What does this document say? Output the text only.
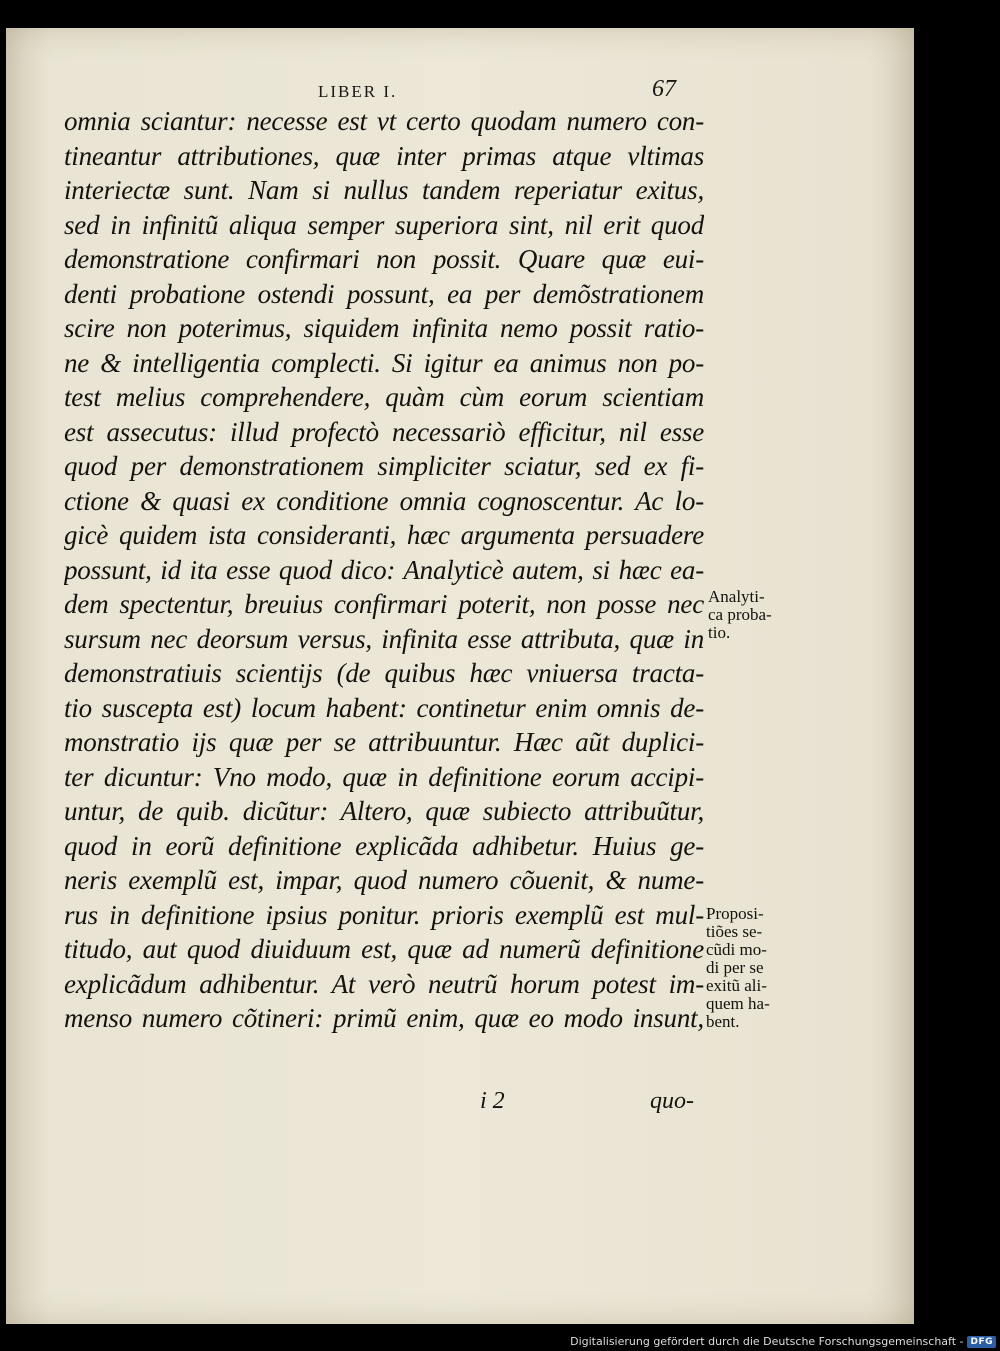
LIBER I.	67
omnia sciantur: necesse est vt certo quodam numero con-
tineantur attributiones, quæ inter primas atque vltimas
interiectæ sunt. Nam si nullus tandem reperiatur exitus,
sed in infinitũ aliqua semper superiora sint, nil erit quod
demonstratione confirmari non possit. Quare quæ eui-
denti probatione ostendi possunt, ea per demõstrationem
scire non poterimus, siquidem infinita nemo possit ratio-
ne & intelligentia complecti. Si igitur ea animus non po-
test melius comprehendere, quàm cùm eorum scientiam
est assecutus: illud profectò necessariò efficitur, nil esse
quod per demonstrationem simpliciter sciatur, sed ex fi-
ctione & quasi ex conditione omnia cognoscentur. Ac lo-
gicè quidem ista consideranti, hæc argumenta persuadere
possunt, id ita esse quod dico: Analyticè autem, si hæc ea-
dem spectentur, breuius confirmari poterit, non posse nec
sursum nec deorsum versus, infinita esse attributa, quæ in
demonstratiuis scientijs (de quibus hæc vniuersa tracta-
tio suscepta est) locum habent: continetur enim omnis de-
monstratio ijs quæ per se attribuuntur. Hæc aũt duplici-
ter dicuntur: Vno modo, quæ in definitione eorum accipi-
untur, de quib. dicũtur: Altero, quæ subiecto attribuũtur,
quod in eorũ definitione explicãda adhibetur. Huius ge-
neris exemplũ est, impar, quod numero cõuenit, & nume-
rus in definitione ipsius ponitur. prioris exemplũ est mul-
titudo, aut quod diuiduum est, quæ ad numerũ definitione
explicãdum adhibentur. At verò neutrũ horum potest im-
menso numero cõtineri: primũ enim, quæ eo modo insunt,
Analyti-
ca proba-
tio.
Proposi-
tiões se-
cũdi mo-
di per se
exitũ ali-
quem ha-
bent.
i 2	quo-
Digitalisierung gefördert durch die Deutsche Forschungsgemeinschaft - DFG
